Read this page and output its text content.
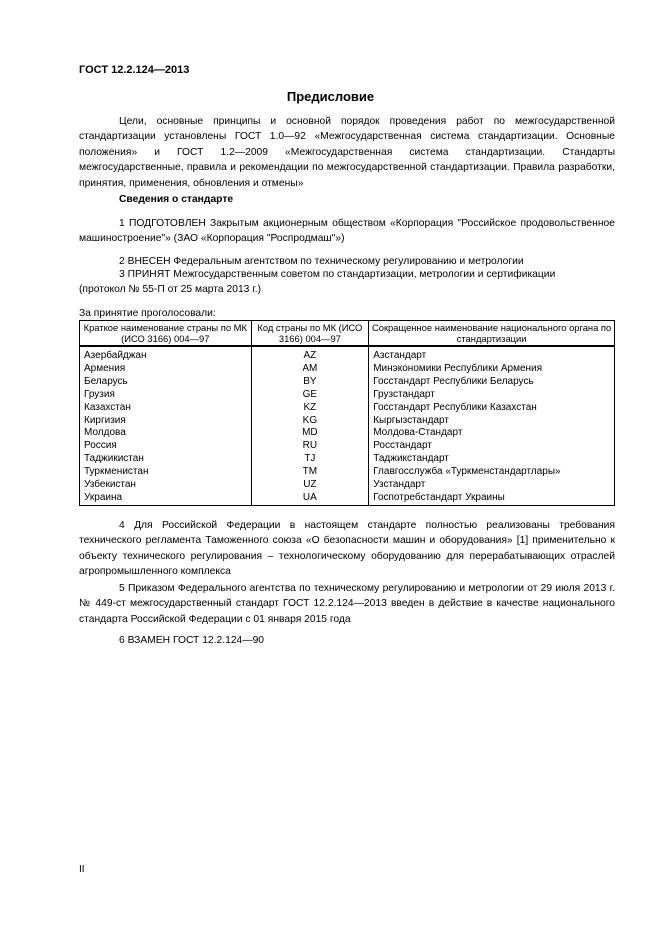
ГОСТ 12.2.124—2013
Предисловие
Цели, основные принципы и основной порядок проведения работ по межгосударственной стандартизации установлены ГОСТ 1.0—92 «Межгосударственная система стандартизации. Основные положения» и ГОСТ 1.2—2009 «Межгосударственная система стандартизации. Стандарты межгосударственные, правила и рекомендации по межгосударственной стандартизации. Правила разработки, принятия, применения, обновления и отмены»
Сведения о стандарте
1 ПОДГОТОВЛЕН Закрытым акционерным обществом «Корпорация "Российское продовольственное машиностроение"» (ЗАО «Корпорация "Роспродмаш"»)
2 ВНЕСЕН Федеральным агентством по техническому регулированию и метрологии
3 ПРИНЯТ Межгосударственным советом по стандартизации, метрологии и сертификации
(протокол № 55-П от 25 марта 2013 г.)
За принятие проголосовали:
Краткое наименование страны по МК (ИСО 3166) 004—97	Код страны по МК (ИСО 3166) 004—97	Сокращенное наименование национального органа по стандартизации
Азербайджан	AZ	Азстандарт
Армения	AM	Минэкономики Республики Армения
Беларусь	BY	Госстандарт Республики Беларусь
Грузия	GE	Грузстандарт
Казахстан	KZ	Госстандарт Республики Казахстан
Киргизия	KG	Кыргызстандарт
Молдова	MD	Молдова-Стандарт
Россия	RU	Росстандарт
Таджикистан	TJ	Таджикстандарт
Туркменистан	TM	Главгосслужба «Туркменстандартлары»
Узбекистан	UZ	Узстандарт
Украина	UA	Госпотребстандарт Украины
4 Для Российской Федерации в настоящем стандарте полностью реализованы требования технического регламента Таможенного союза «О безопасности машин и оборудования» [1] применительно к объекту технического регулирования – технологическому оборудованию для перерабатывающих отраслей агропромышленного комплекса
5 Приказом Федерального агентства по техническому регулированию и метрологии от 29 июля 2013 г. № 449-ст межгосударственный стандарт ГОСТ 12.2.124—2013 введен в действие в качестве национального стандарта Российской Федерации с 01 января 2015 года
6 ВЗАМЕН ГОСТ 12.2.124—90
II
